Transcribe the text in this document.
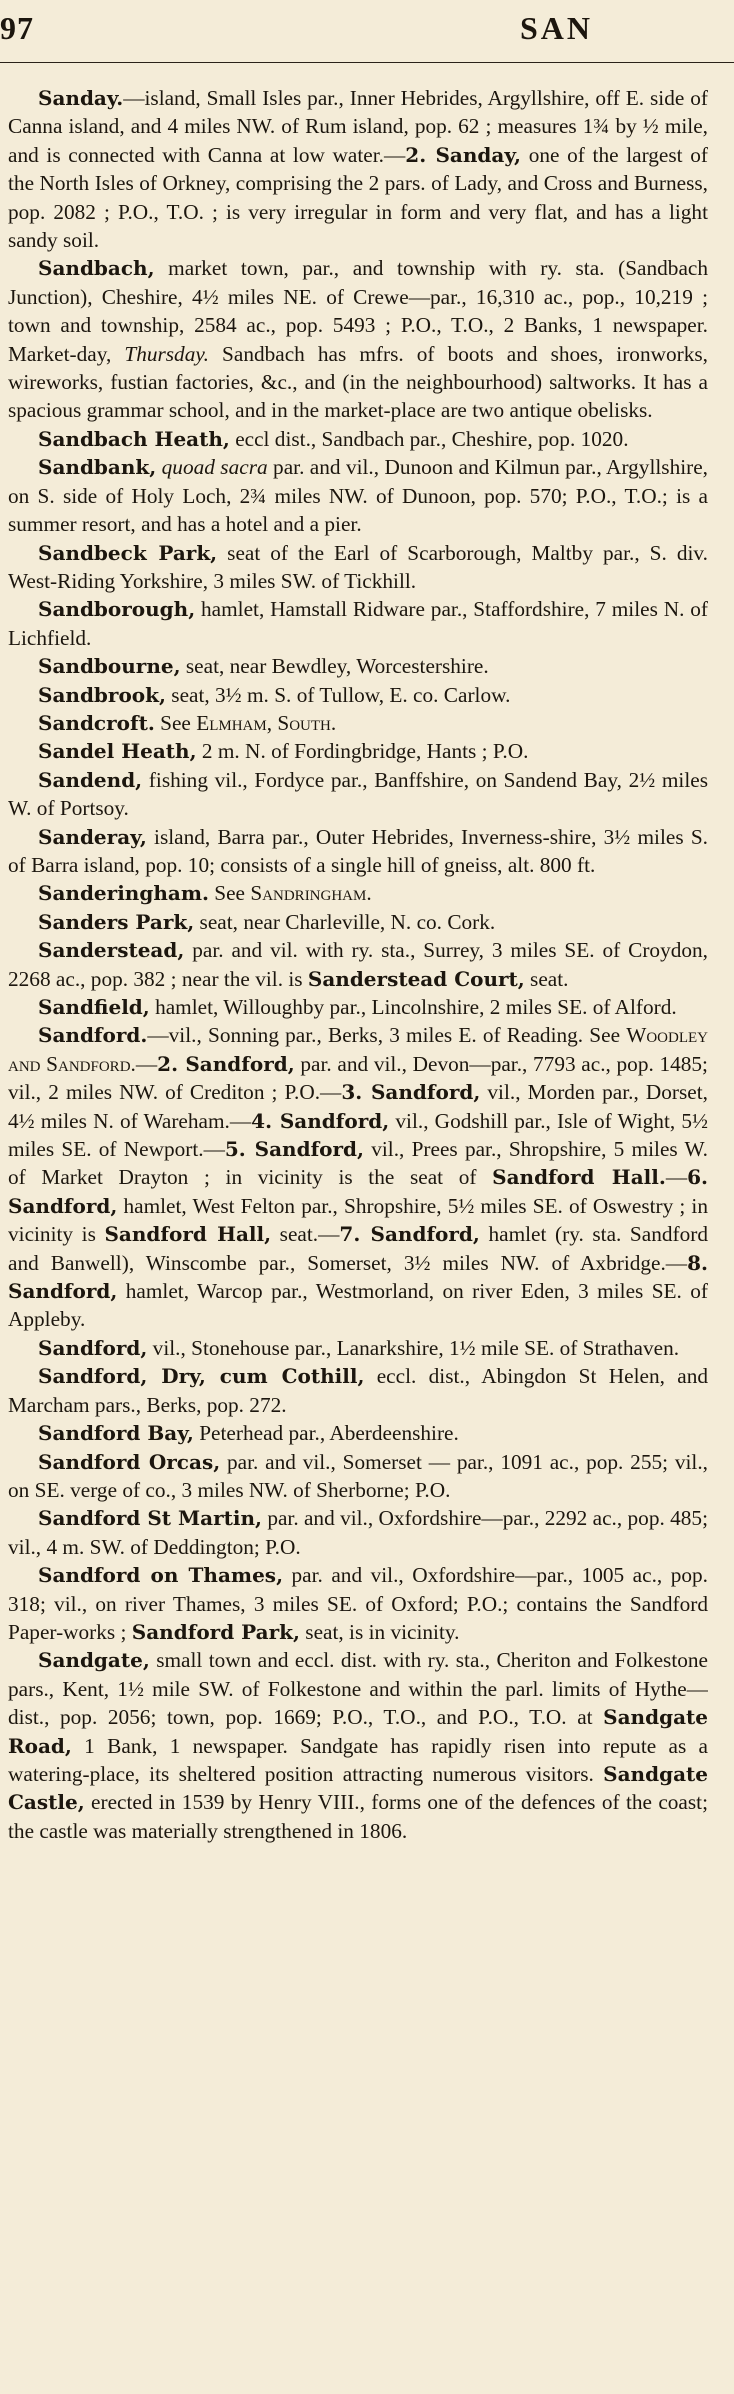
97	SAN

Sanday.—island, Small Isles par., Inner Hebrides, Argyllshire, off E. side of Canna island, and 4 miles NW. of Rum island, pop. 62 ; measures 1¾ by ½ mile, and is connected with Canna at low water.—2. Sanday, one of the largest of the North Isles of Orkney, comprising the 2 pars. of Lady, and Cross and Burness, pop. 2082 ; P.O., T.O. ; is very irregular in form and very flat, and has a light sandy soil.

Sandbach, market town, par., and township with ry. sta. (Sandbach Junction), Cheshire, 4½ miles NE. of Crewe—par., 16,310 ac., pop., 10,219 ; town and township, 2584 ac., pop. 5493 ; P.O., T.O., 2 Banks, 1 newspaper. Market-day, Thursday. Sandbach has mfrs. of boots and shoes, ironworks, wireworks, fustian factories, &c., and (in the neighbourhood) saltworks. It has a spacious grammar school, and in the market-place are two antique obelisks.

Sandbach Heath, eccl dist., Sandbach par., Cheshire, pop. 1020.

Sandbank, quoad sacra par. and vil., Dunoon and Kilmun par., Argyllshire, on S. side of Holy Loch, 2¾ miles NW. of Dunoon, pop. 570; P.O., T.O.; is a summer resort, and has a hotel and a pier.

Sandbeck Park, seat of the Earl of Scarborough, Maltby par., S. div. West-Riding Yorkshire, 3 miles SW. of Tickhill.

Sandborough, hamlet, Hamstall Ridware par., Staffordshire, 7 miles N. of Lichfield.

Sandbourne, seat, near Bewdley, Worcestershire.

Sandbrook, seat, 3½ m. S. of Tullow, E. co. Carlow.

Sandcroft. See Elmham, South.

Sandel Heath, 2 m. N. of Fordingbridge, Hants ; P.O.

Sandend, fishing vil., Fordyce par., Banffshire, on Sandend Bay, 2½ miles W. of Portsoy.

Sanderay, island, Barra par., Outer Hebrides, Inverness-shire, 3½ miles S. of Barra island, pop. 10; consists of a single hill of gneiss, alt. 800 ft.

Sanderingham. See Sandringham.

Sanders Park, seat, near Charleville, N. co. Cork.

Sanderstead, par. and vil. with ry. sta., Surrey, 3 miles SE. of Croydon, 2268 ac., pop. 382 ; near the vil. is Sanderstead Court, seat.

Sandfield, hamlet, Willoughby par., Lincolnshire, 2 miles SE. of Alford.

Sandford.—vil., Sonning par., Berks, 3 miles E. of Reading. See Woodley and Sandford.—2. Sandford, par. and vil., Devon—par., 7793 ac., pop. 1485; vil., 2 miles NW. of Crediton ; P.O.—3. Sandford, vil., Morden par., Dorset, 4½ miles N. of Wareham.—4. Sandford, vil., Godshill par., Isle of Wight, 5½ miles SE. of Newport.—5. Sandford, vil., Prees par., Shropshire, 5 miles W. of Market Drayton ; in vicinity is the seat of Sandford Hall.—6. Sandford, hamlet, West Felton par., Shropshire, 5½ miles SE. of Oswestry ; in vicinity is Sandford Hall, seat.—7. Sandford, hamlet (ry. sta. Sandford and Banwell), Winscombe par., Somerset, 3½ miles NW. of Axbridge.—8. Sandford, hamlet, Warcop par., Westmorland, on river Eden, 3 miles SE. of Appleby.

Sandford, vil., Stonehouse par., Lanarkshire, 1½ mile SE. of Strathaven.

Sandford, Dry, cum Cothill, eccl. dist., Abingdon St Helen, and Marcham pars., Berks, pop. 272.

Sandford Bay, Peterhead par., Aberdeenshire.

Sandford Orcas, par. and vil., Somerset — par., 1091 ac., pop. 255; vil., on SE. verge of co., 3 miles NW. of Sherborne; P.O.

Sandford St Martin, par. and vil., Oxfordshire—par., 2292 ac., pop. 485; vil., 4 m. SW. of Deddington; P.O.

Sandford on Thames, par. and vil., Oxfordshire—par., 1005 ac., pop. 318; vil., on river Thames, 3 miles SE. of Oxford; P.O.; contains the Sandford Paper-works ; Sandford Park, seat, is in vicinity.

Sandgate, small town and eccl. dist. with ry. sta., Cheriton and Folkestone pars., Kent, 1½ mile SW. of Folkestone and within the parl. limits of Hythe—dist., pop. 2056; town, pop. 1669; P.O., T.O., and P.O., T.O. at Sandgate Road, 1 Bank, 1 newspaper. Sandgate has rapidly risen into repute as a watering-place, its sheltered position attracting numerous visitors. Sandgate Castle, erected in 1539 by Henry VIII., forms one of the defences of the coast; the castle was materially strengthened in 1806.
